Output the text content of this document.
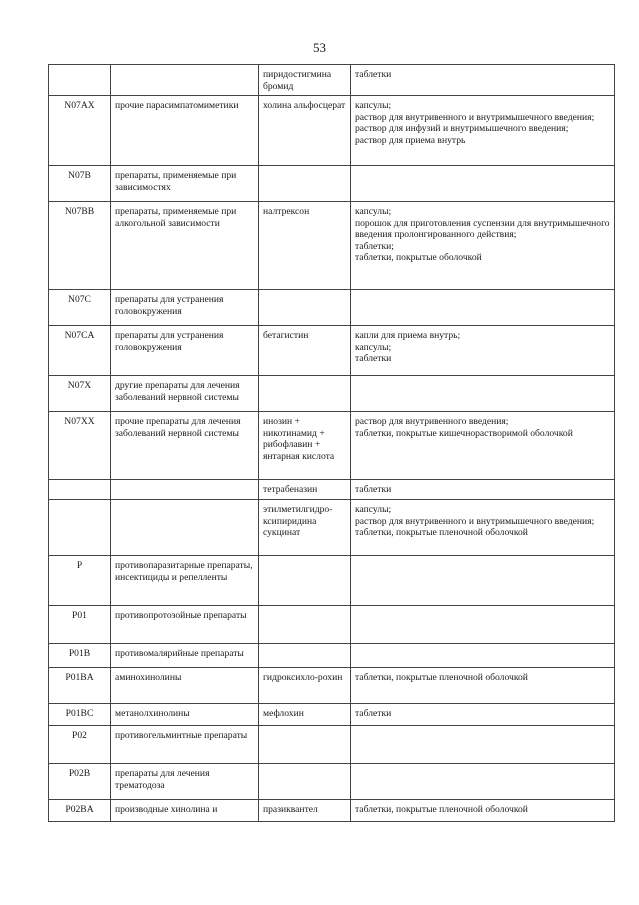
53
		пиридостигмина бромид	таблетки

N07AX	прочие парасимпатомиметики	холина альфосцерат	капсулы;
раствор для внутривенного и внутримышечного введения;
раствор для инфузий и внутримышечного введения;
раствор для приема внутрь

N07B	препараты, применяемые при зависимостях		
N07BB	препараты, применяемые при алкогольной зависимости	налтрексон	капсулы;
порошок для приготовления суспензии для внутримышечного введения пролонгированного действия;
таблетки;
таблетки, покрытые оболочкой

N07C	препараты для устранения головокружения		
N07CA	препараты для устранения головокружения	бетагистин	капли для приема внутрь;
капсулы;
таблетки

N07X	другие препараты для лечения заболеваний нервной системы		
N07XX	прочие препараты для лечения заболеваний нервной системы	инозин + никотинамид + рибофлавин + янтарная кислота	раствор для внутривенного введения;
таблетки, покрытые кишечнорастворимой оболочкой

		тетрабеназин	таблетки

		этилметилгидро-ксипиридина сукцинат	капсулы;
раствор для внутривенного и внутримышечного введения;
таблетки, покрытые пленочной оболочкой

P	противопаразитарные препараты, инсектициды и репелленты		
P01	противопротозойные препараты		
P01B	противомалярийные препараты		
P01BA	аминохинолины	гидроксихло-рохин	таблетки, покрытые пленочной оболочкой

P01BC	метанолхинолины	мефлохин	таблетки

P02	противогельминтные препараты		
P02B	препараты для лечения трематодоза		
P02BA	производные хинолина и	празиквантел	таблетки, покрытые пленочной оболочкой
